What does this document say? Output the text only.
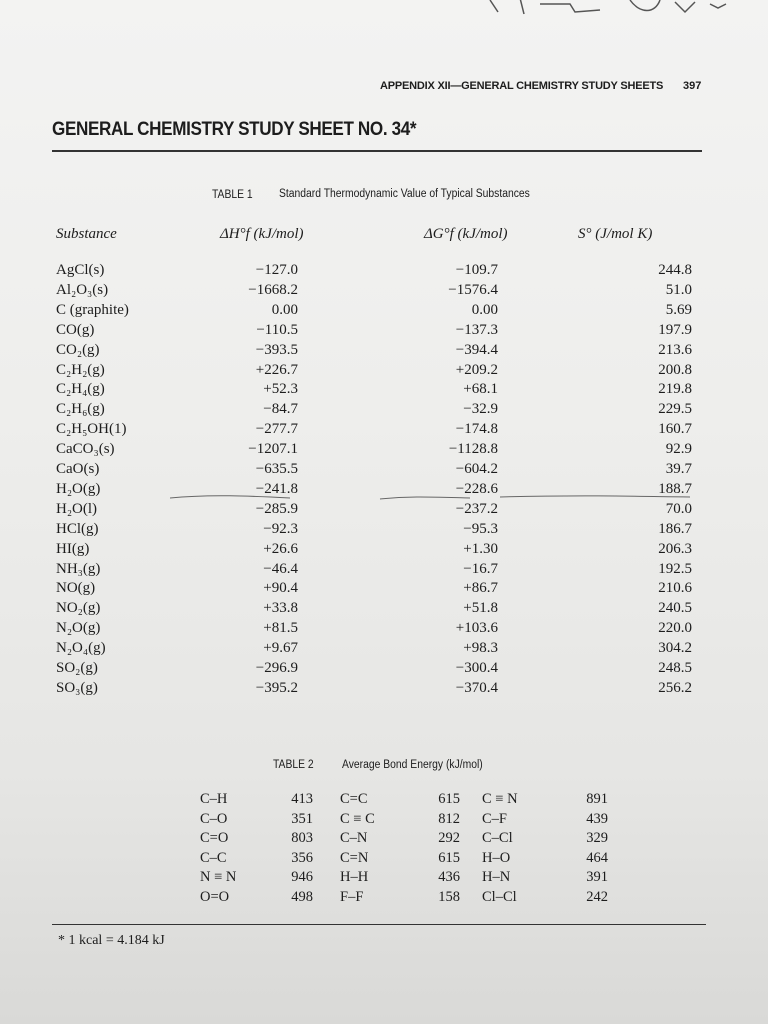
APPENDIX XII—GENERAL CHEMISTRY STUDY SHEETS 397
GENERAL CHEMISTRY STUDY SHEET NO. 34*
TABLE 1 Standard Thermodynamic Value of Typical Substances
Substance	ΔH°f (kJ/mol)	ΔG°f (kJ/mol)	S° (J/mol K)
AgCl(s)	−127.0	−109.7	244.8
Al₂O₃(s)	−1668.2	−1576.4	51.0
C (graphite)	0.00	0.00	5.69
CO(g)	−110.5	−137.3	197.9
CO₂(g)	−393.5	−394.4	213.6
C₂H₂(g)	+226.7	+209.2	200.8
C₂H₄(g)	+52.3	+68.1	219.8
C₂H₆(g)	−84.7	−32.9	229.5
C₂H₅OH(1)	−277.7	−174.8	160.7
CaCO₃(s)	−1207.1	−1128.8	92.9
CaO(s)	−635.5	−604.2	39.7
H₂O(g)	−241.8	−228.6	188.7
H₂O(l)	−285.9	−237.2	70.0
HCl(g)	−92.3	−95.3	186.7
HI(g)	+26.6	+1.30	206.3
NH₃(g)	−46.4	−16.7	192.5
NO(g)	+90.4	+86.7	210.6
NO₂(g)	+33.8	+51.8	240.5
N₂O(g)	+81.5	+103.6	220.0
N₂O₄(g)	+9.67	+98.3	304.2
SO₂(g)	−296.9	−300.4	248.5
SO₃(g)	−395.2	−370.4	256.2
TABLE 2 Average Bond Energy (kJ/mol)
C–H	413 C=C	615 C ≡ N	891
C–O	351 C ≡ C	812 C–F	439
C=O	803 C–N	292 C–Cl	329
C–C	356 C=N	615 H–O	464
N ≡ N	946 H–H	436 H–N	391
O=O	498 F–F	158 Cl–Cl	242
* 1 kcal = 4.184 kJ
